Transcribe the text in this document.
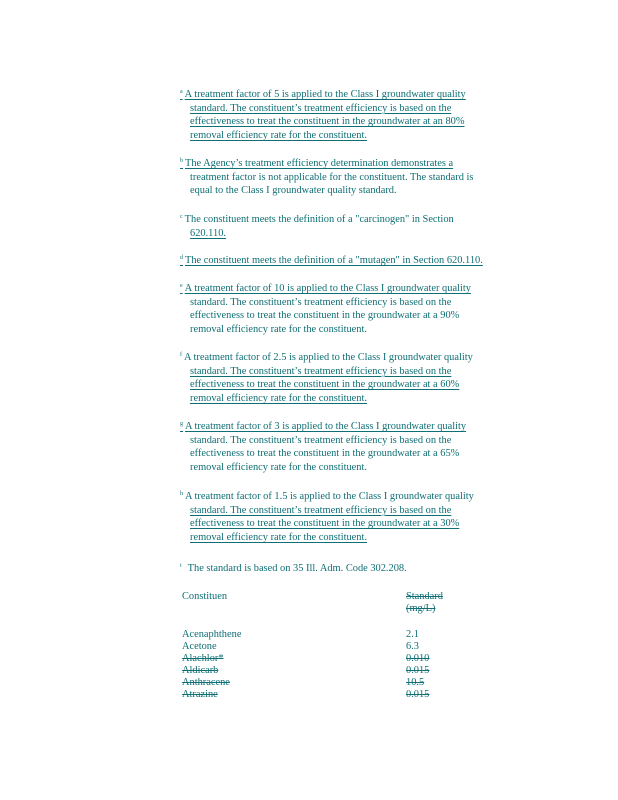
$^a$ A treatment factor of 5 is applied to the Class I groundwater quality

standard. The constituent’s treatment efficiency is based on the

effectiveness to treat the constituent in the groundwater at an 80%

removal efficiency rate for the constituent.

$^b$ The Agency’s treatment efficiency determination demonstrates a

treatment factor is not applicable for the constituent. The standard is

equal to the Class I groundwater quality standard.

$^c$ The constituent meets the definition of a "carcinogen" in Section

620.110.

$^d$ The constituent meets the definition of a "mutagen" in Section 620.110.

$^e$ A treatment factor of 10 is applied to the Class I groundwater quality

standard. The constituent’s treatment efficiency is based on the

effectiveness to treat the constituent in the groundwater at a 90%

removal efficiency rate for the constituent.

$^f$ A treatment factor of 2.5 is applied to the Class I groundwater quality

standard. The constituent’s treatment efficiency is based on the

effectiveness to treat the constituent in the groundwater at a 60%

removal efficiency rate for the constituent.

$^g$ A treatment factor of 3 is applied to the Class I groundwater quality

standard. The constituent’s treatment efficiency is based on the

effectiveness to treat the constituent in the groundwater at a 65%

removal efficiency rate for the constituent.

$^h$ A treatment factor of 1.5 is applied to the Class I groundwater quality

standard. The constituent’s treatment efficiency is based on the

effectiveness to treat the constituent in the groundwater at a 30%

removal efficiency rate for the constituent.

$^i$ The standard is based on 35 Ill. Adm. Code 302.208.

Constituen	Standard
(mg/L)
Acenaphthene	2.1
Acetone	6.3
Alachlor*	0.010
Aldicarb	0.015
Anthracene	10.5
Atrazine	0.015
